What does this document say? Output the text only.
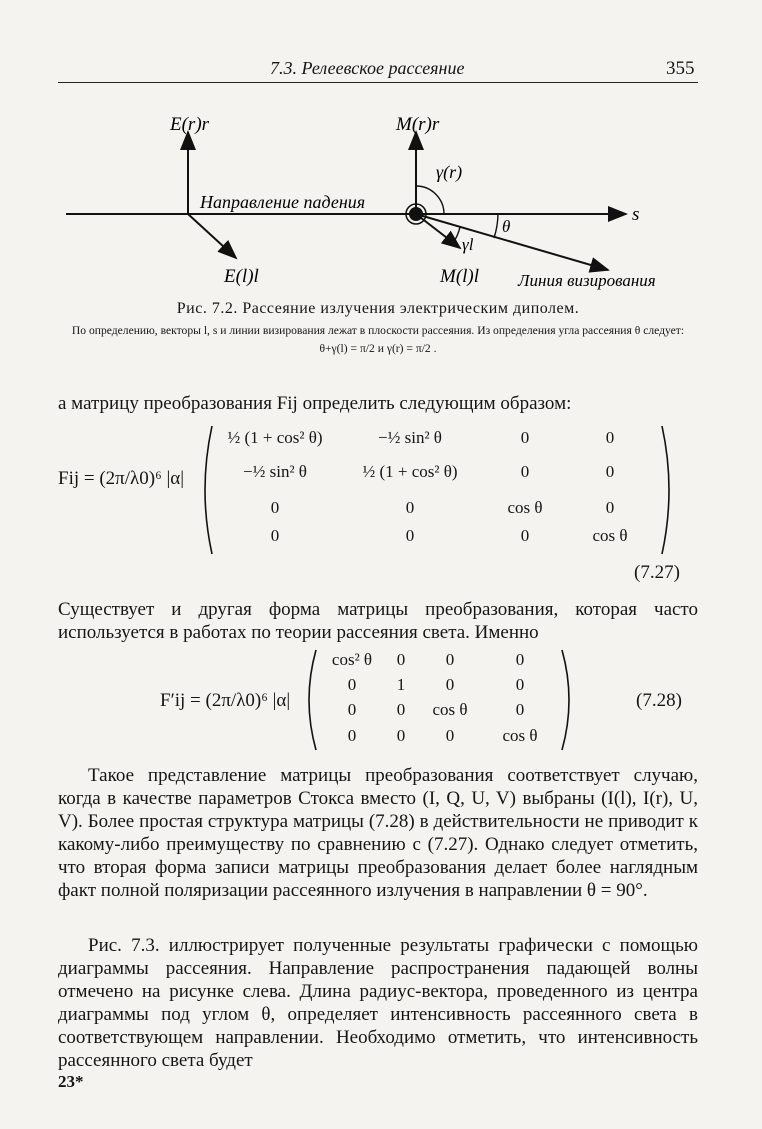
7.3. Релеевское рассеяние	355
E(r)r	M(r)r
γ(r)
Направление падения
s
θ
γl
E(l)l	M(l)l Линия визирования
Рис. 7.2. Рассеяние излучения электрическим диполем.
По определению, векторы l, s и линии визирования лежат в плоскости рассеяния. Из определения угла рассеяния θ следует: θ+γ(l) = π/2 и γ(r) = π/2 .
а матрицу преобразования Fij определить следующим образом:
Fij = (2π/λ0)⁶ |α|
½ (1 + cos² θ)	−½ sin² θ	0	0
−½ sin² θ	½ (1 + cos² θ)	0	0
0	0	cos θ	0
0	0	0	cos θ
(7.27)
Существует и другая форма матрицы преобразования, которая часто используется в работах по теории рассеяния света. Именно
F′ij = (2π/λ0)⁶ |α|
cos² θ	0	0	0
0	1	0	0
0	0	cos θ	0
0	0	0	cos θ
(7.28)
Такое представление матрицы преобразования соответствует случаю, когда в качестве параметров Стокса вместо (I, Q, U, V) выбраны (I(l), I(r), U, V). Более простая структура матрицы (7.28) в действительности не приводит к какому-либо преимуществу по сравнению с (7.27). Однако следует отметить, что вторая форма записи матрицы преобразования делает более наглядным факт полной поляризации рассеянного излучения в направлении θ = 90°.
Рис. 7.3. иллюстрирует полученные результаты графически с помощью диаграммы рассеяния. Направление распространения падающей волны отмечено на рисунке слева. Длина радиус-вектора, проведенного из центра диаграммы под углом θ, определяет интенсивность рассеянного света в соответствующем направлении. Необходимо отметить, что интенсивность рассеянного света будет
23*
